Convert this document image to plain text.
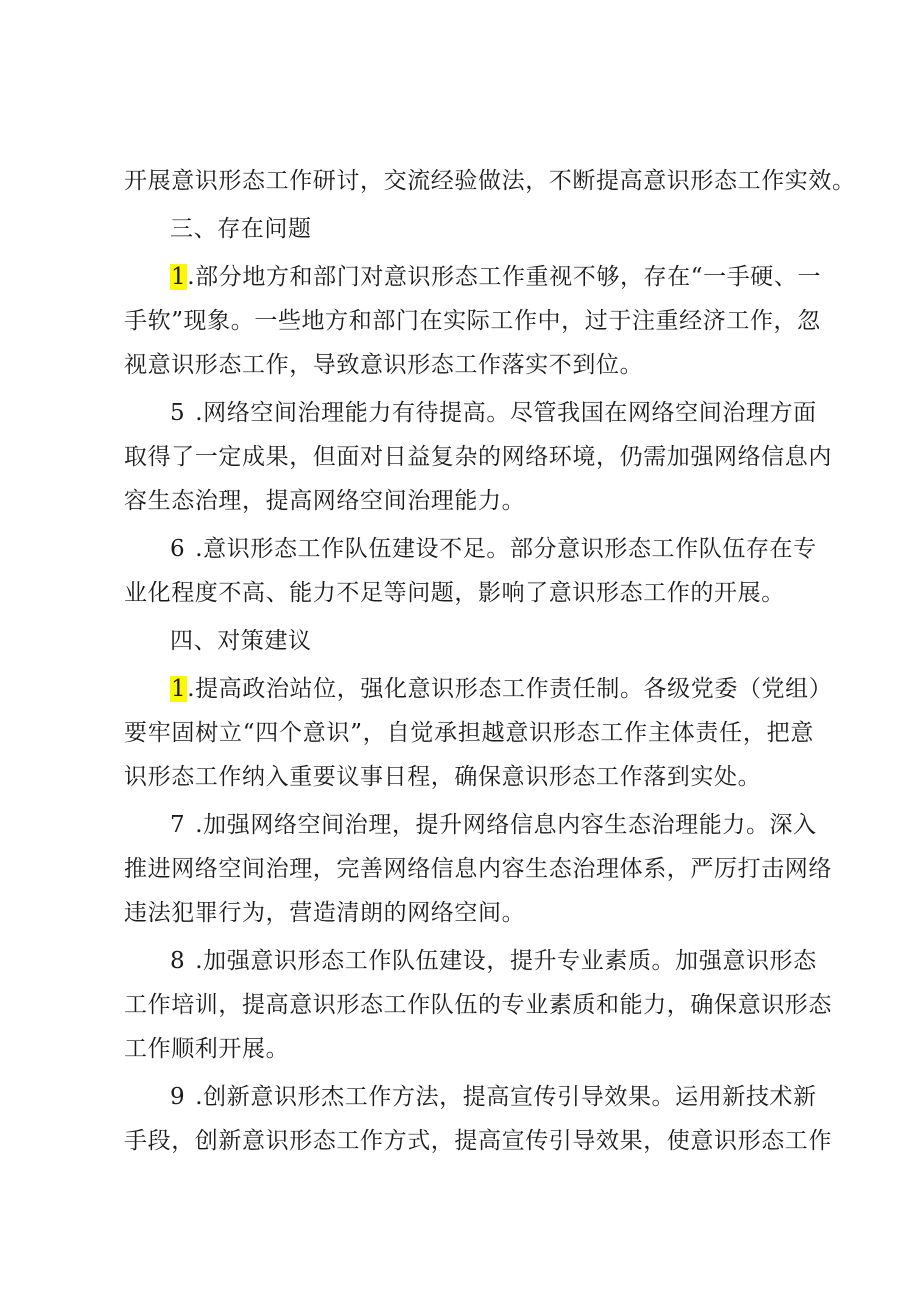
开展意识形态工作研讨，交流经验做法，不断提高意识形态工作实效。
三、存在问题
1.部分地方和部门对意识形态工作重视不够，存在“一手硬、一
手软”现象。一些地方和部门在实际工作中，过于注重经济工作，忽
视意识形态工作，导致意识形态工作落实不到位。
5 .网络空间治理能力有待提高。尽管我国在网络空间治理方面
取得了一定成果，但面对日益复杂的网络环境，仍需加强网络信息内
容生态治理，提高网络空间治理能力。
6 .意识形态工作队伍建设不足。部分意识形态工作队伍存在专
业化程度不高、能力不足等问题，影响了意识形态工作的开展。
四、对策建议
1.提高政治站位，强化意识形态工作责任制。各级党委（党组）
要牢固树立“四个意识”，自觉承担越意识形态工作主体责任，把意
识形态工作纳入重要议事日程，确保意识形态工作落到实处。
7 .加强网络空间治理，提升网络信息内容生态治理能力。深入
推进网络空间治理，完善网络信息内容生态治理体系，严厉打击网络
违法犯罪行为，营造清朗的网络空间。
8 .加强意识形态工作队伍建设，提升专业素质。加强意识形态
工作培训，提高意识形态工作队伍的专业素质和能力，确保意识形态
工作顺利开展。
9 .创新意识形杰工作方法，提高宣传引导效果。运用新技术新
手段，创新意识形态工作方式，提高宣传引导效果，使意识形态工作
